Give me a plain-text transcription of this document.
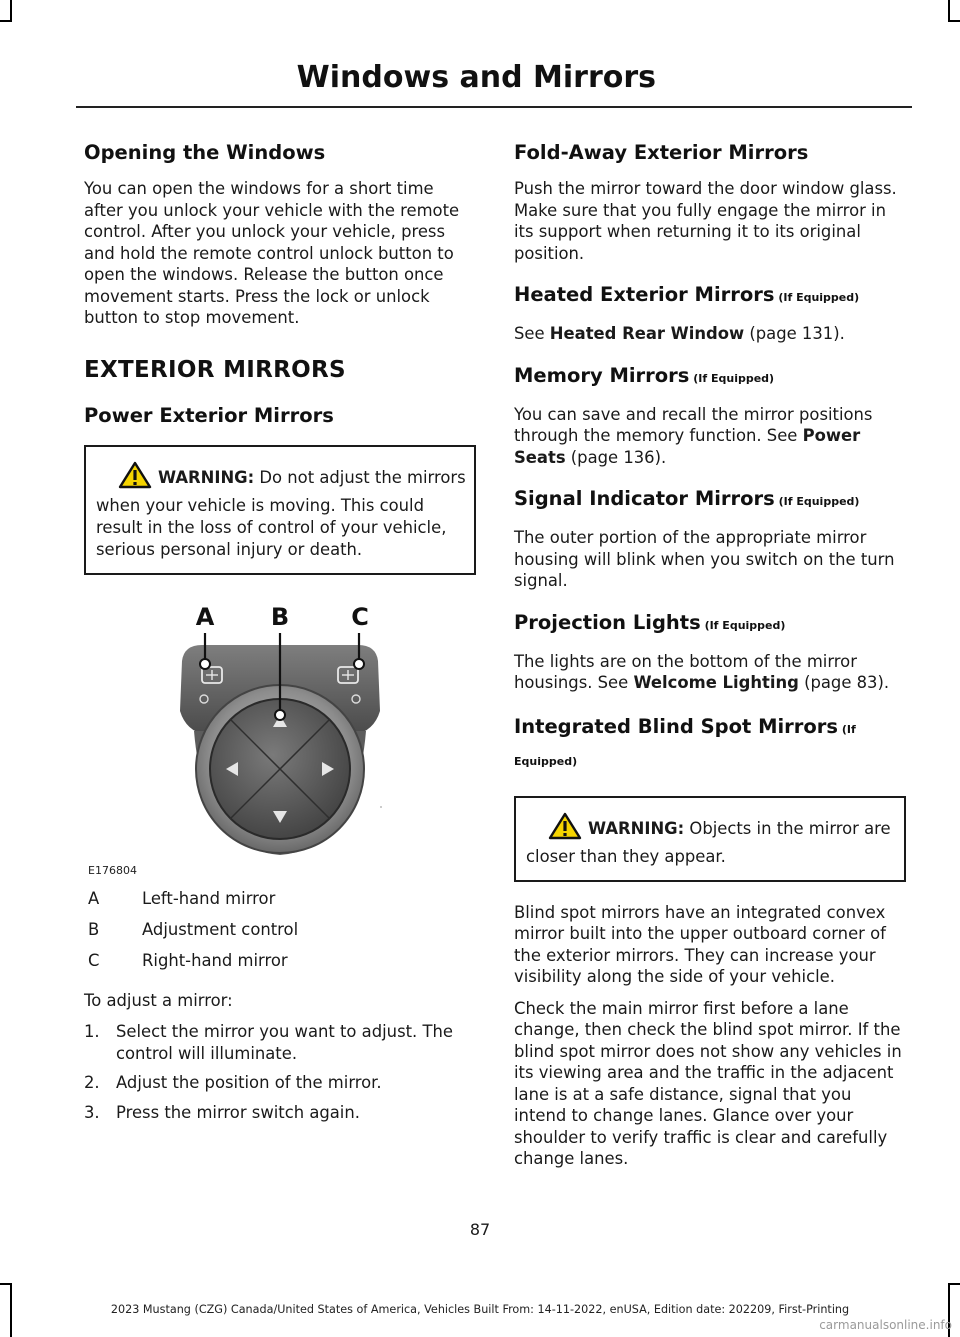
Windows and Mirrors
Opening the Windows

You can open the windows for a short time after you unlock your vehicle with the remote control. After you unlock your vehicle, press and hold the remote control unlock button to open the windows. Release the button once movement starts. Press the lock or unlock button to stop movement.

EXTERIOR MIRRORS
Power Exterior Mirrors
WARNING: Do not adjust the mirrors when your vehicle is moving. This could result in the loss of control of your vehicle, serious personal injury or death.
A B	C
E176804
A	Left-hand mirror
B	Adjustment control
C	Right-hand mirror

To adjust a mirror:

1. Select the mirror you want to adjust. The control will illuminate.
2. Adjust the position of the mirror.
3. Press the mirror switch again.
Fold-Away Exterior Mirrors

Push the mirror toward the door window glass. Make sure that you fully engage the mirror in its support when returning it to its original position.

Heated Exterior Mirrors (If Equipped)

See Heated Rear Window (page 131).

Memory Mirrors (If Equipped)

You can save and recall the mirror positions through the memory function. See Power Seats (page 136).

Signal Indicator Mirrors (If Equipped)

The outer portion of the appropriate mirror housing will blink when you switch on the turn signal.

Projection Lights (If Equipped)

The lights are on the bottom of the mirror housings. See Welcome Lighting (page 83).

Integrated Blind Spot Mirrors (If Equipped)
WARNING: Objects in the mirror are closer than they appear.

Blind spot mirrors have an integrated convex mirror built into the upper outboard corner of the exterior mirrors. They can increase your visibility along the side of your vehicle.

Check the main mirror first before a lane change, then check the blind spot mirror. If the blind spot mirror does not show any vehicles in its viewing area and the traffic in the adjacent lane is at a safe distance, signal that you intend to change lanes. Glance over your shoulder to verify traffic is clear and carefully change lanes.

87
2023 Mustang (CZG) Canada/United States of America, Vehicles Built From: 14-11-2022, enUSA, Edition date: 202209, First-Printing
carmanualsonline.info
